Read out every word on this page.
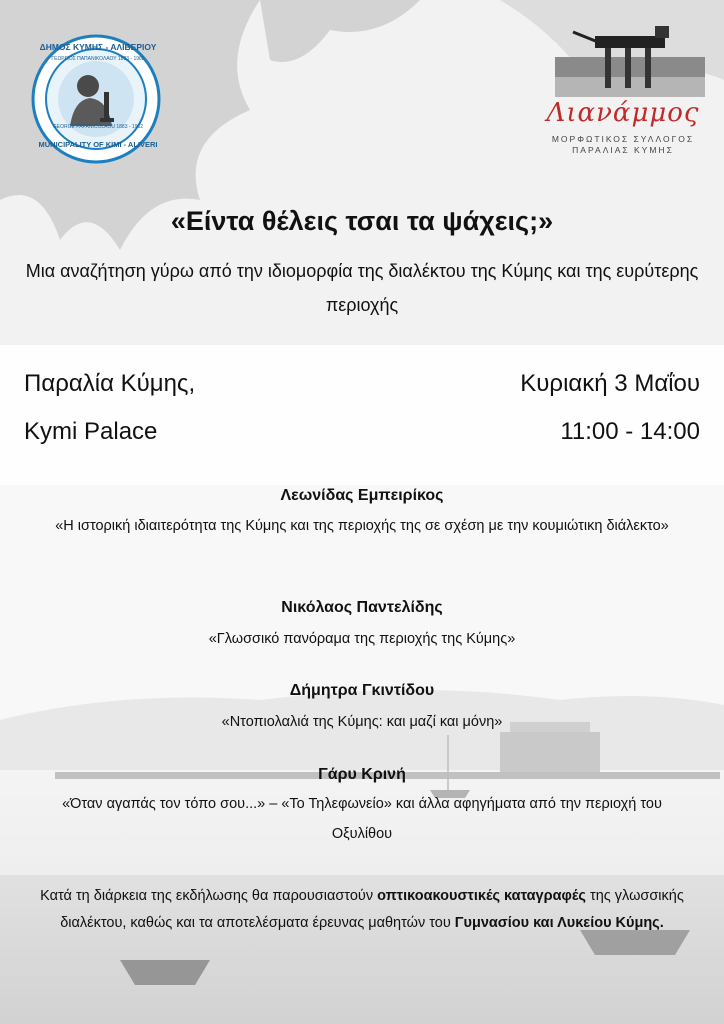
ΔΗΜΟΣ ΚΥΜΗΣ - ΑΛΙΒΕΡΙΟΥ
MUNICIPALITY OF KIMI - ALIVERI
ΓΕΩΡΓΙΟΣ ΠΑΠΑΝΙΚΟΛΑΟΥ 1883 - 1962
GEORGE PAPANICOLAOU 1883 - 1962	Λιανάμμος
ΜΟΡΦΩΤΙΚΟΣ ΣΥΛΛΟΓΟΣ
ΠΑΡΑΛΙΑΣ ΚΥΜΗΣ
«Είντα θέλεις τσαι τα ψάχεις;»
Μια αναζήτηση γύρω από την ιδιομορφία της διαλέκτου της Κύμης και της ευρύτερης περιοχής
Παραλία Κύμης,
Kymi Palace
Κυριακή 3 Μαΐου
11:00 - 14:00
Λεωνίδας Εμπειρίκος
«Η ιστορική ιδιαιτερότητα της Κύμης και της περιοχής της σε σχέση με την κουμιώτικη διάλεκτο»
Νικόλαος Παντελίδης
«Γλωσσικό πανόραμα της περιοχής της Κύμης»
Δήμητρα Γκιντίδου
«Ντοπιολαλιά της Κύμης: και μαζί και μόνη»
Γάρυ Κρινή
«Όταν αγαπάς τον τόπο σου...» – «Το Τηλεφωνείο» και άλλα αφηγήματα από την περιοχή του Οξυλίθου
Κατά τη διάρκεια της εκδήλωσης θα παρουσιαστούν οπτικοακουστικές καταγραφές της γλωσσικής διαλέκτου, καθώς και τα αποτελέσματα έρευνας μαθητών του Γυμνασίου και Λυκείου Κύμης.
